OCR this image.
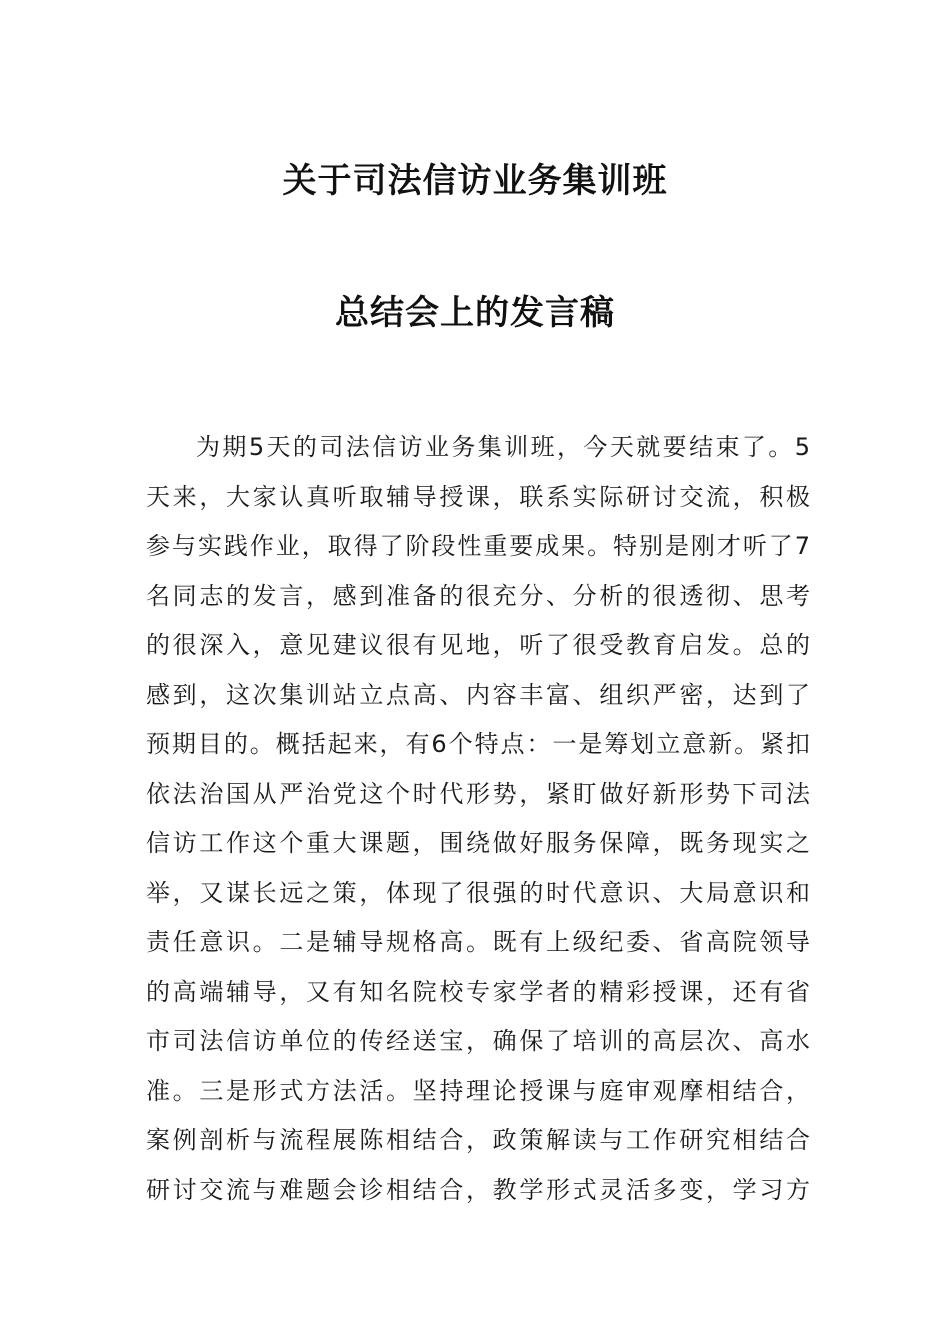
关于司法信访业务集训班
总结会上的发言稿
为期5天的司法信访业务集训班，今天就要结束了。5
天来，大家认真听取辅导授课，联系实际研讨交流，积极
参与实践作业，取得了阶段性重要成果。特别是刚才听了7
名同志的发言，感到准备的很充分、分析的很透彻、思考
的很深入，意见建议很有见地，听了很受教育启发。总的
感到，这次集训站立点高、内容丰富、组织严密，达到了
预期目的。概括起来，有6个特点：一是筹划立意新。紧扣
依法治国从严治党这个时代形势，紧盯做好新形势下司法
信访工作这个重大课题，围绕做好服务保障，既务现实之
举，又谋长远之策，体现了很强的时代意识、大局意识和
责任意识。二是辅导规格高。既有上级纪委、省高院领导
的高端辅导，又有知名院校专家学者的精彩授课，还有省
市司法信访单位的传经送宝，确保了培训的高层次、高水
准。三是形式方法活。坚持理论授课与庭审观摩相结合，
案例剖析与流程展陈相结合，政策解读与工作研究相结合
研讨交流与难题会诊相结合，教学形式灵活多变，学习方
